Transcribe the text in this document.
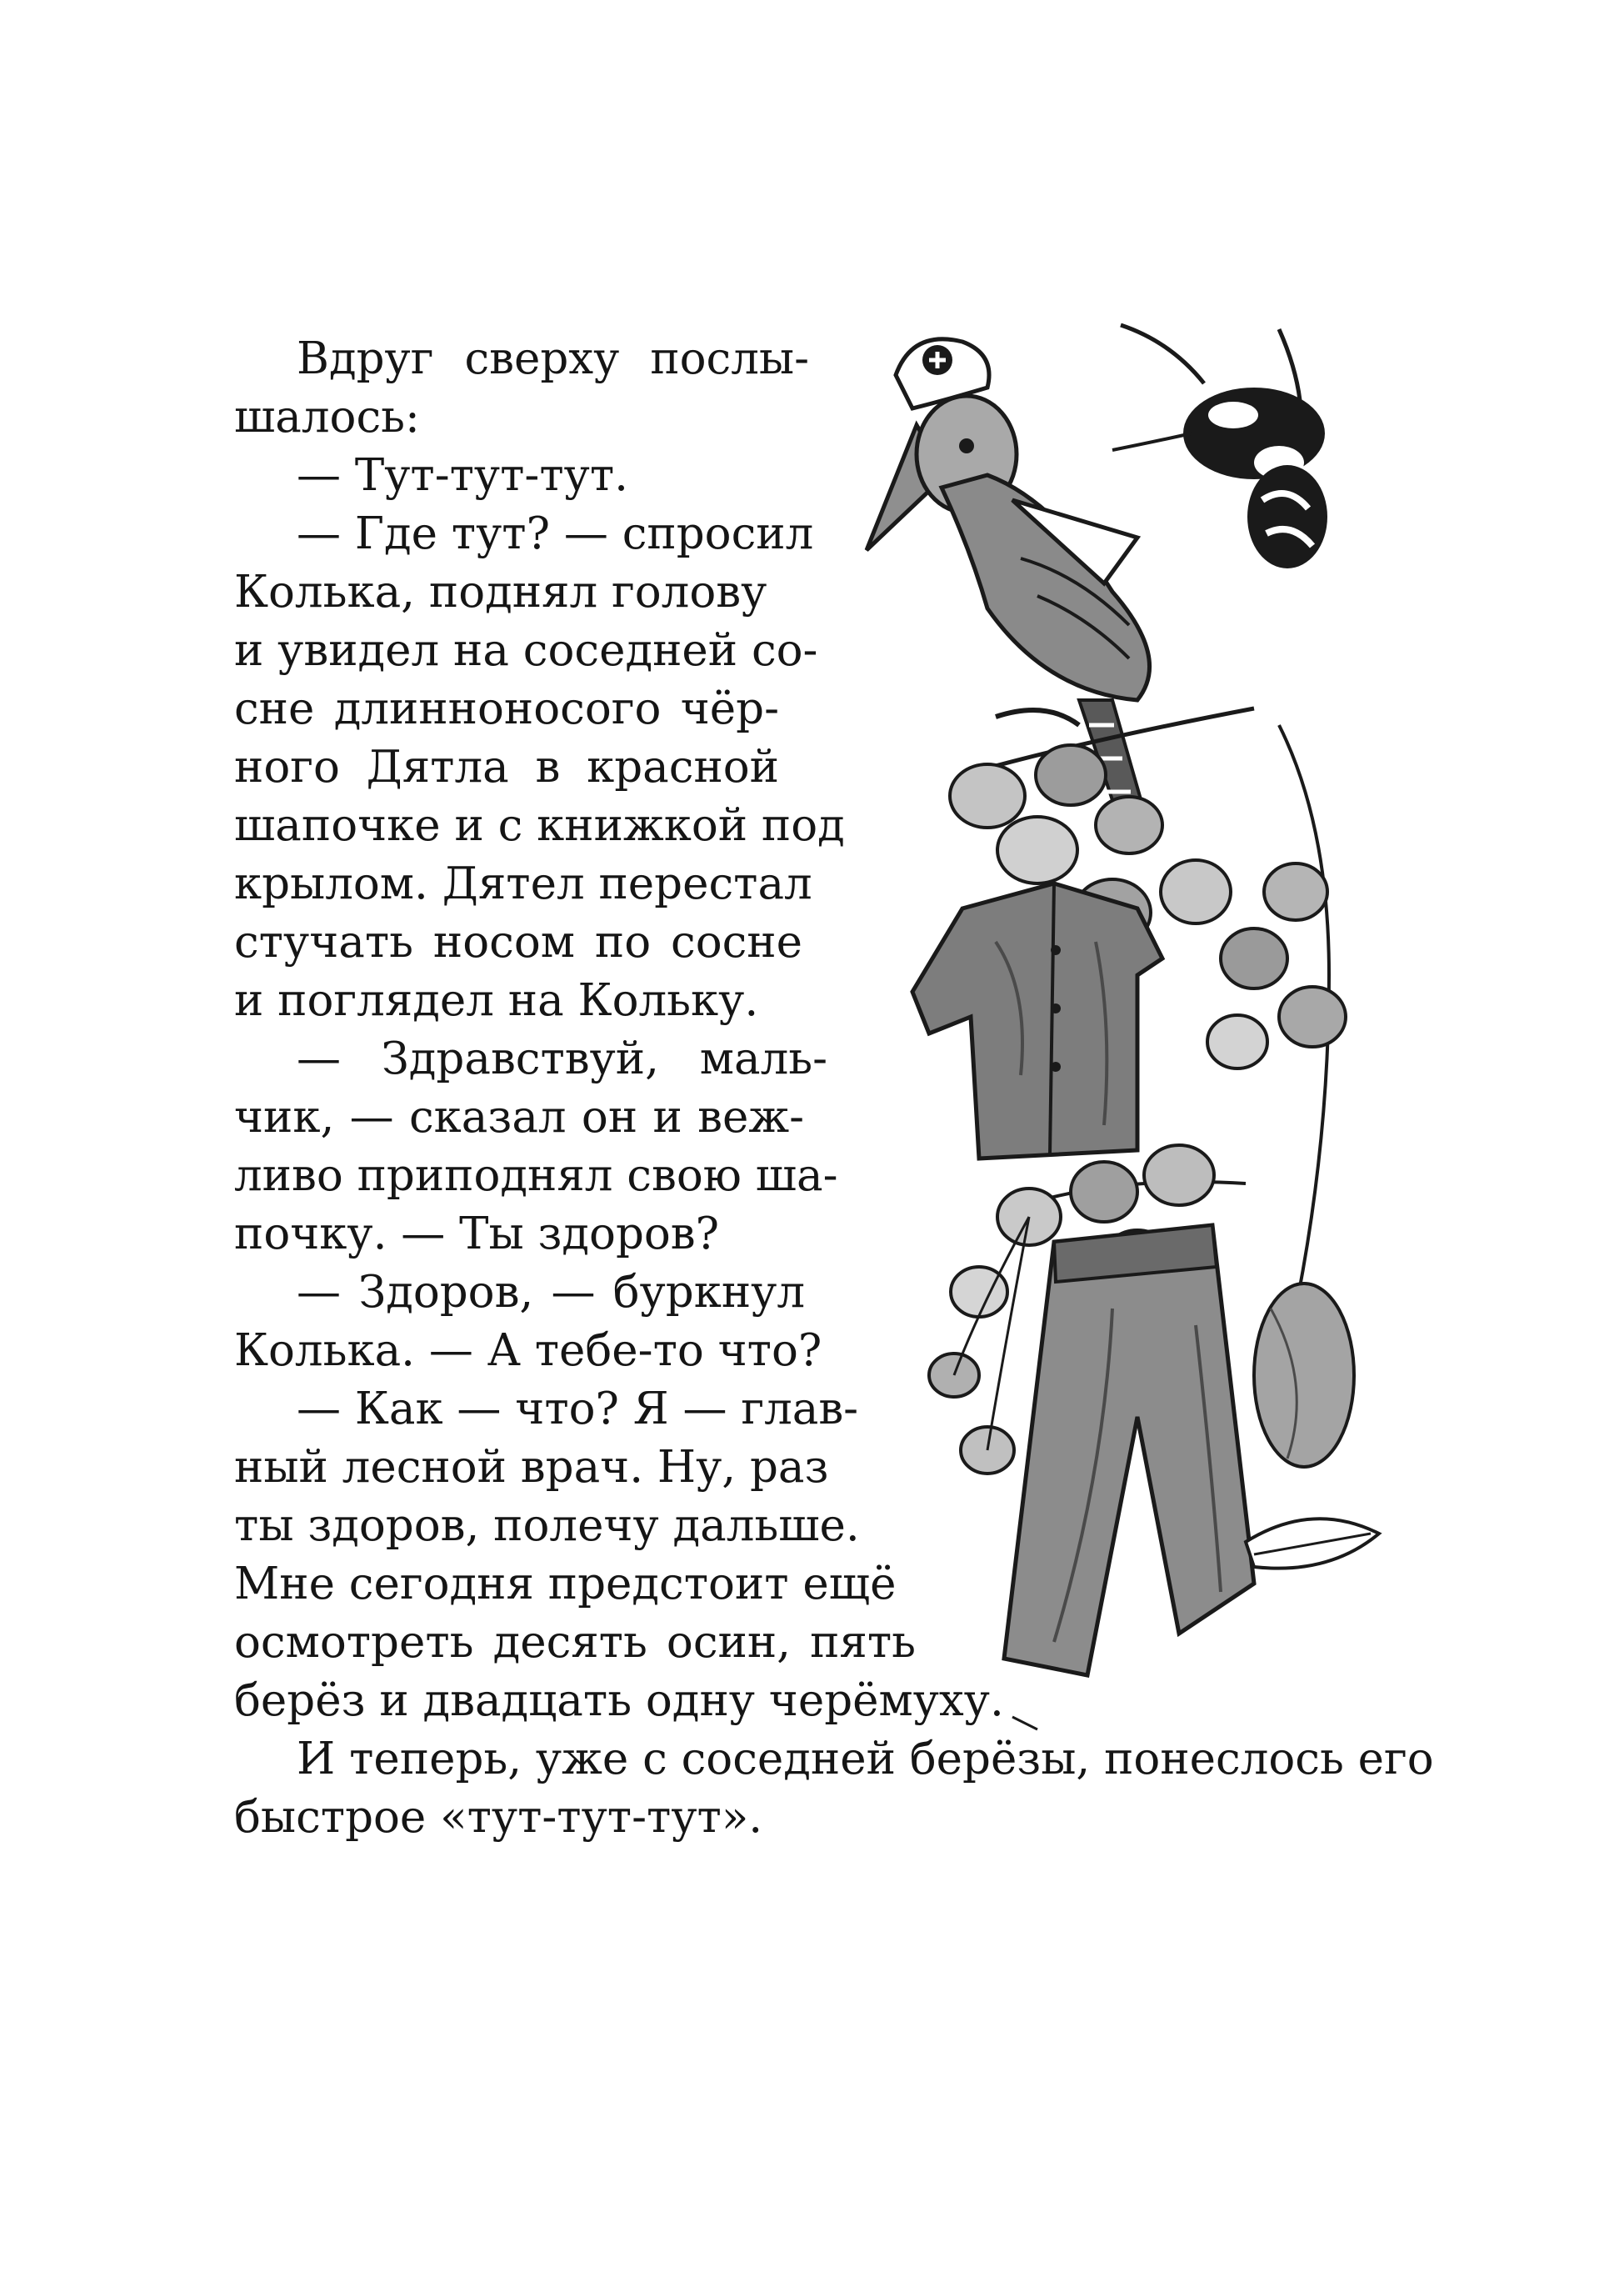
Вдруг сверху послы-
шалось:
— Тут-тут-тут.
— Где тут? — спросил
Колька, поднял голову
и увидел на соседней со-
сне длинноносого чёр-
ного Дятла в красной
шапочке и с книжкой под
крылом. Дятел перестал
стучать носом по сосне
и поглядел на Кольку.
— Здравствуй, маль-
чик, — сказал он и веж-
ливо приподнял свою ша-
почку. — Ты здоров?
— Здоров, — буркнул
Колька. — А тебе-то что?
— Как — что? Я — глав-
ный лесной врач. Ну, раз
ты здоров, полечу дальше.
Мне сегодня предстоит ещё
осмотреть десять осин, пять
берёз и двадцать одну черёмуху.
И теперь, уже с соседней берёзы, понеслось его
быстрое «тут-тут-тут».
